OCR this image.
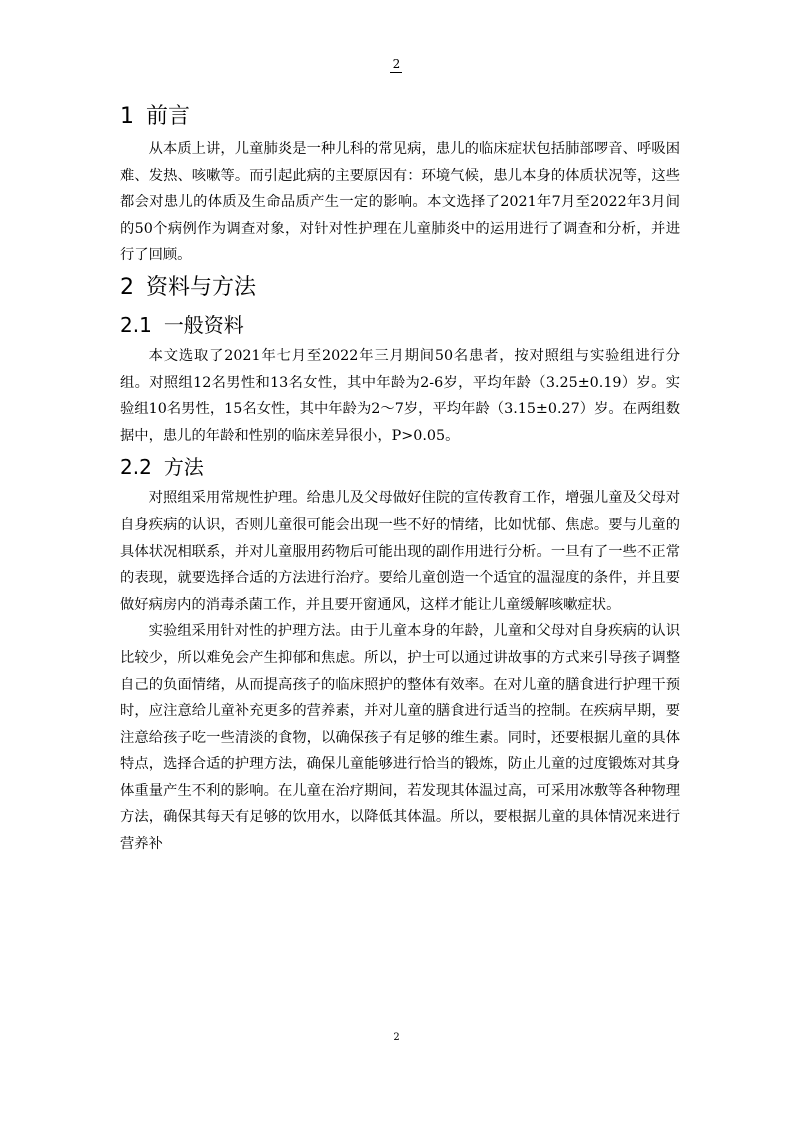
2
1 前言

从本质上讲，儿童肺炎是一种儿科的常见病，患儿的临床症状包括肺部啰音、呼吸困难、发热、咳嗽等。而引起此病的主要原因有：环境气候，患儿本身的体质状况等，这些都会对患儿的体质及生命品质产生一定的影响。本文选择了2021年7月至2022年3月间的50个病例作为调查对象，对针对性护理在儿童肺炎中的运用进行了调查和分析，并进行了回顾。

2 资料与方法
2.1 一般资料

本文选取了2021年七月至2022年三月期间50名患者，按对照组与实验组进行分组。对照组12名男性和13名女性，其中年龄为2-6岁，平均年龄（3.25±0.19）岁。实验组10名男性，15名女性，其中年龄为2～7岁，平均年龄（3.15±0.27）岁。在两组数据中，患儿的年龄和性别的临床差异很小，P>0.05。

2.2 方法

对照组采用常规性护理。给患儿及父母做好住院的宣传教育工作，增强儿童及父母对自身疾病的认识，否则儿童很可能会出现一些不好的情绪，比如忧郁、焦虑。要与儿童的具体状况相联系，并对儿童服用药物后可能出现的副作用进行分析。一旦有了一些不正常的表现，就要选择合适的方法进行治疗。要给儿童创造一个适宜的温湿度的条件，并且要做好病房内的消毒杀菌工作，并且要开窗通风，这样才能让儿童缓解咳嗽症状。

实验组采用针对性的护理方法。由于儿童本身的年龄，儿童和父母对自身疾病的认识比较少，所以难免会产生抑郁和焦虑。所以，护士可以通过讲故事的方式来引导孩子调整自己的负面情绪，从而提高孩子的临床照护的整体有效率。在对儿童的膳食进行护理干预时，应注意给儿童补充更多的营养素，并对儿童的膳食进行适当的控制。在疾病早期，要注意给孩子吃一些清淡的食物，以确保孩子有足够的维生素。同时，还要根据儿童的具体特点，选择合适的护理方法，确保儿童能够进行恰当的锻炼，防止儿童的过度锻炼对其身体重量产生不利的影响。在儿童在治疗期间，若发现其体温过高，可采用冰敷等各种物理方法，确保其每天有足够的饮用水，以降低其体温。所以，要根据儿童的具体情况来进行营养补

2
